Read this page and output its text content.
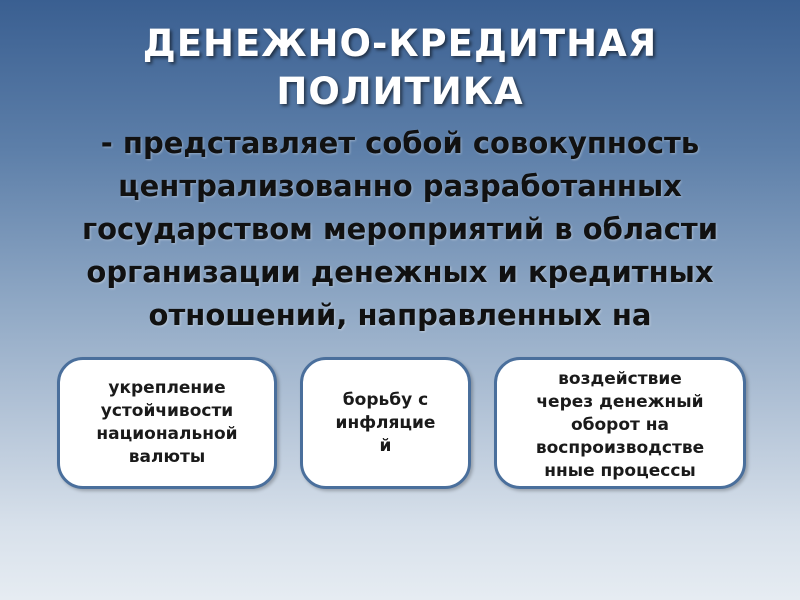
ДЕНЕЖНО-КРЕДИТНАЯ
ПОЛИТИКА
- представляет собой совокупность централизованно разработанных государством мероприятий в области организации денежных и кредитных отношений, направленных на
укрепление
устойчивости
национальной
валюты
борьбу с
инфляцие
й
воздействие
через денежный
оборот на
воспроизводстве
нные процессы
